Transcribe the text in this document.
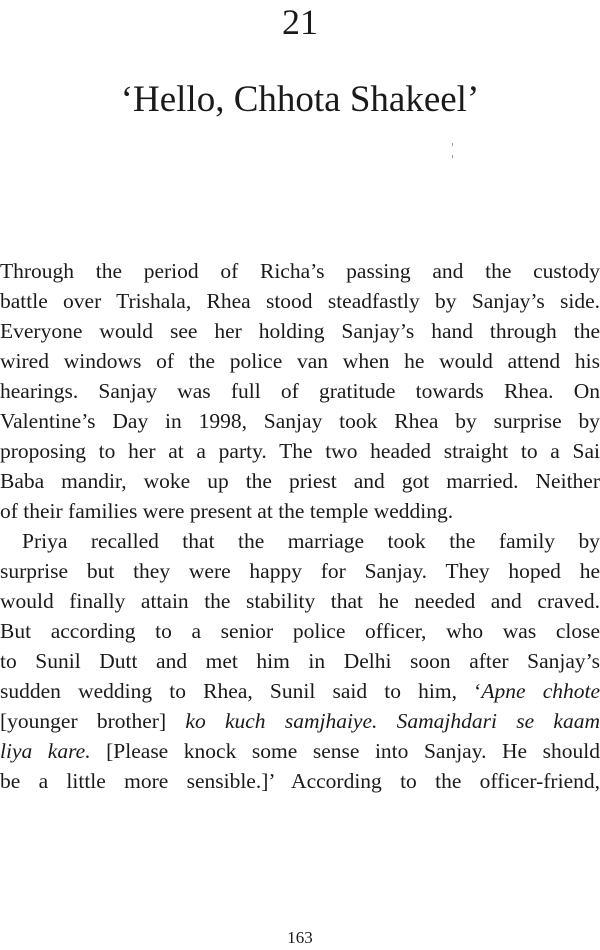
21
‘Hello, Chhota Shakeel’

Through the period of Richa’s passing and the custody

battle over Trishala, Rhea stood steadfastly by Sanjay’s side.

Everyone would see her holding Sanjay’s hand through the

wired windows of the police van when he would attend his

hearings. Sanjay was full of gratitude towards Rhea. On

Valentine’s Day in 1998, Sanjay took Rhea by surprise by

proposing to her at a party. The two headed straight to a Sai

Baba mandir, woke up the priest and got married. Neither

of their families were present at the temple wedding.

Priya recalled that the marriage took the family by

surprise but they were happy for Sanjay. They hoped he

would finally attain the stability that he needed and craved.

But according to a senior police officer, who was close

to Sunil Dutt and met him in Delhi soon after Sanjay’s

sudden wedding to Rhea, Sunil said to him, ‘Apne chhote

[younger brother] ko kuch samjhaiye. Samajhdari se kaam

liya kare. [Please knock some sense into Sanjay. He should

be a little more sensible.]’ According to the officer-friend,

163
